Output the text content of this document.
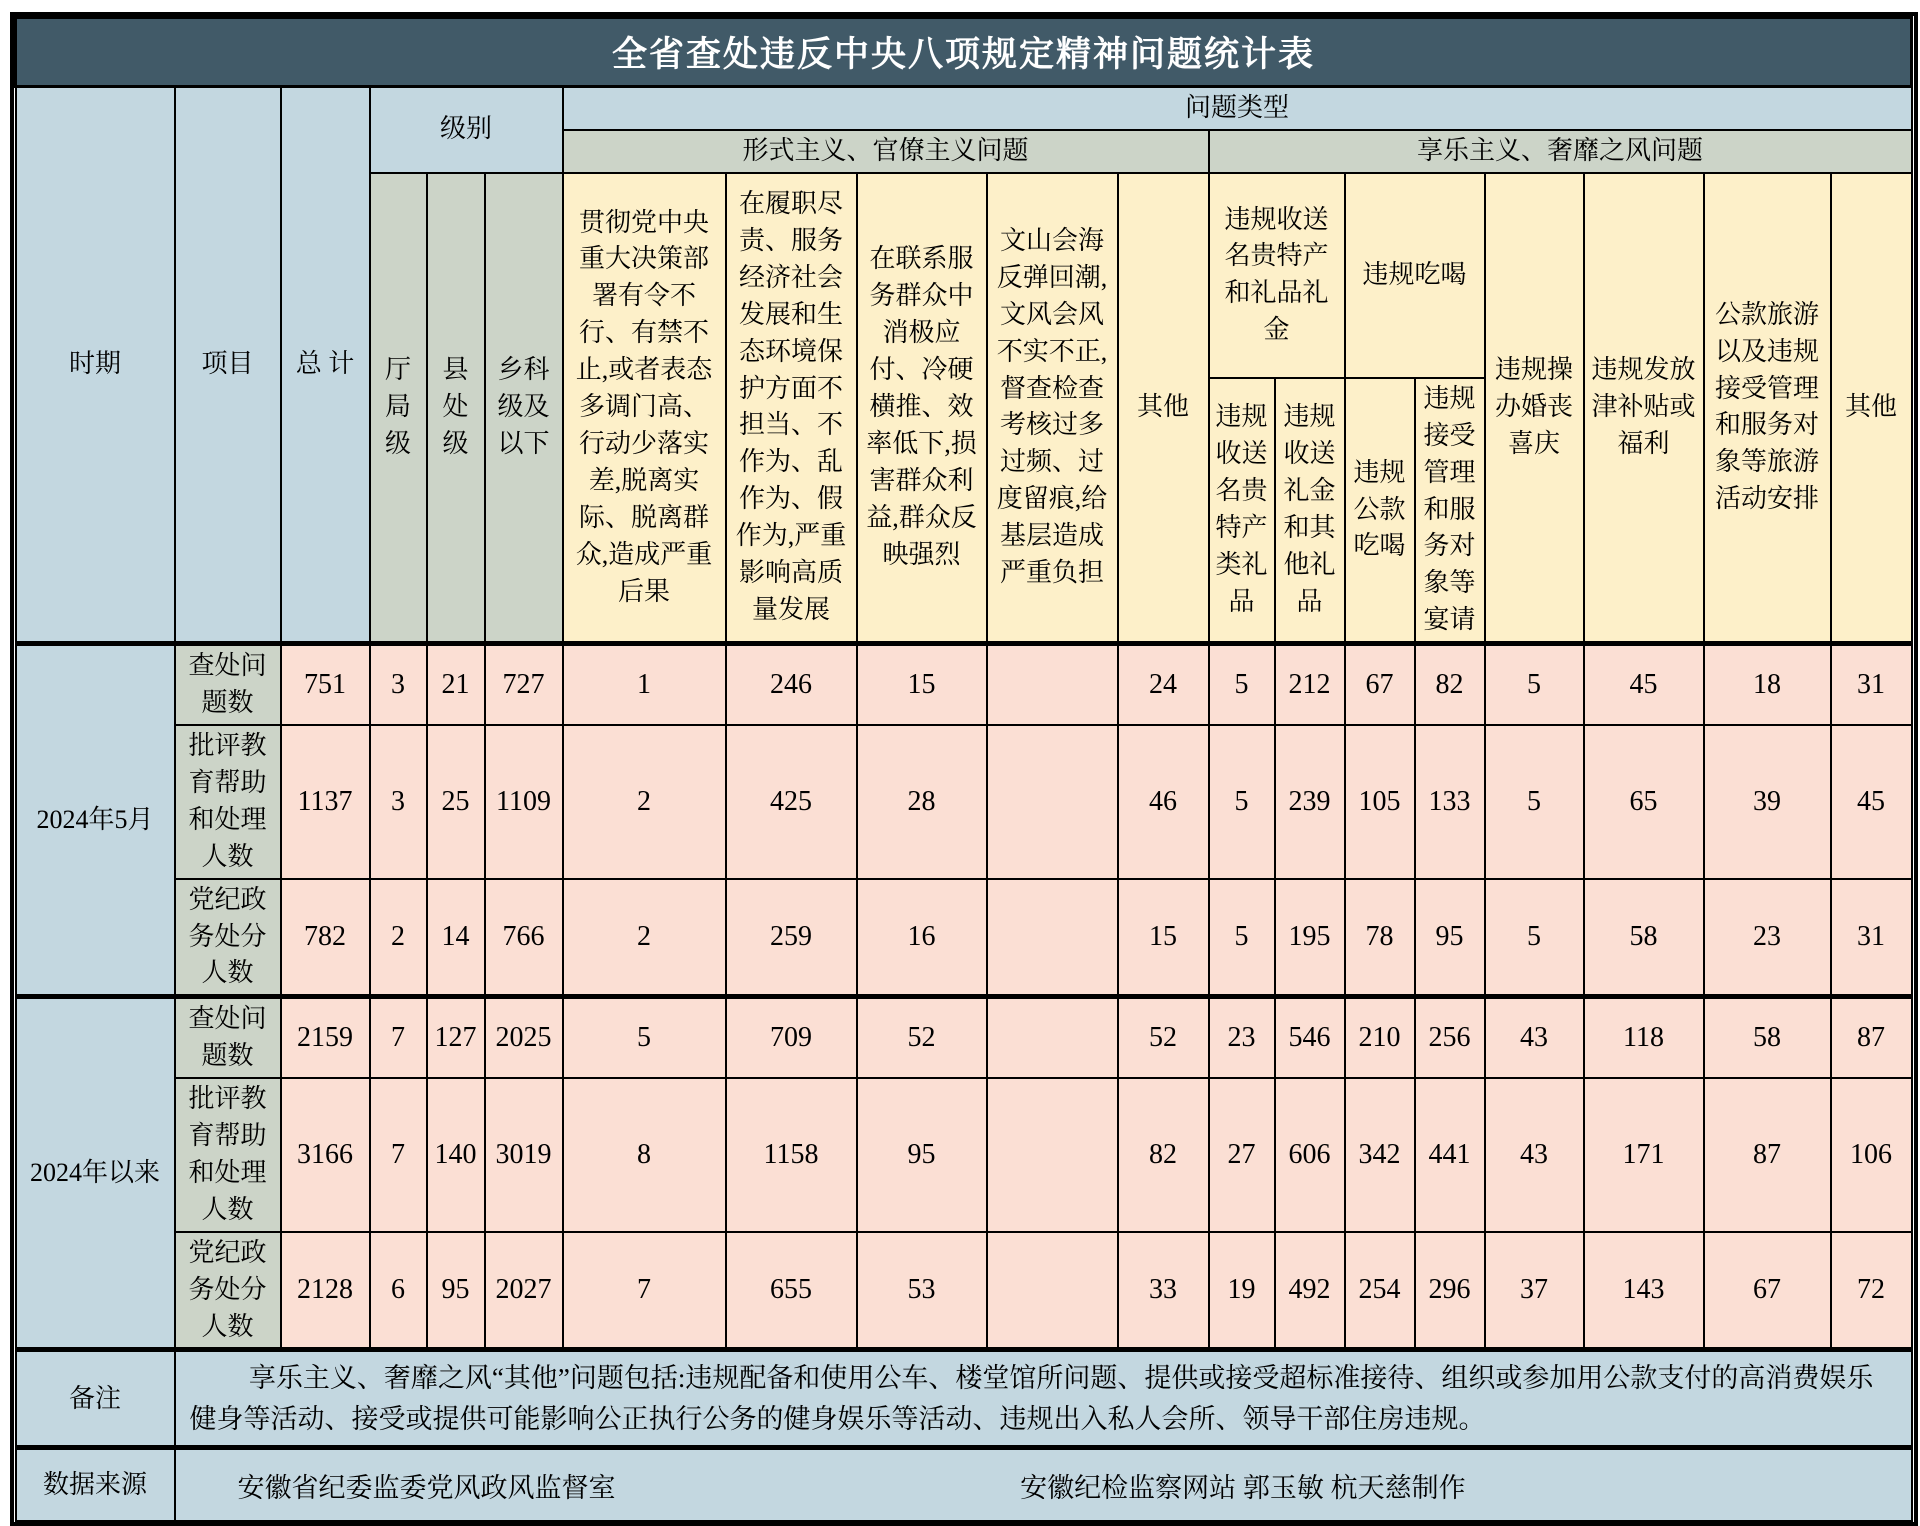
全省查处违反中央八项规定精神问题统计表																		
时期	项目	总 计	级别			问题类型												
						形式主义、官僚主义问题					享乐主义、奢靡之风问题							
			厅局级	县处级	乡科级及以下	贯彻党中央重大决策部署有令不行、有禁不止,或者表态多调门高、行动少落实差,脱离实际、脱离群众,造成严重后果	在履职尽责、服务经济社会发展和生态环境保护方面不担当、不作为、乱作为、假作为,严重影响高质量发展	在联系服务群众中消极应付、冷硬横推、效率低下,损害群众利益,群众反映强烈	文山会海反弹回潮,文风会风不实不正,督查检查考核过多过频、过度留痕,给基层造成严重负担	其他	违规收送名贵特产和礼品礼金		违规吃喝		违规操办婚丧喜庆	违规发放津补贴或福利	公款旅游以及违规接受管理和服务对象等旅游活动安排	其他
											违规收送名贵特产类礼品	违规收送礼金和其他礼品	违规公款吃喝	违规接受管理和服务对象等宴请				
2024年5月	查处问题数	751	3	21	727	1	246	15		24	5	212	67	82	5	45	18	31
	批评教育帮助和处理人数	1137	3	25	1109	2	425	28		46	5	239	105	133	5	65	39	45
	党纪政务处分人数	782	2	14	766	2	259	16		15	5	195	78	95	5	58	23	31
2024年以来	查处问题数	2159	7	127	2025	5	709	52		52	23	546	210	256	43	118	58	87
	批评教育帮助和处理人数	3166	7	140	3019	8	1158	95		82	27	606	342	441	43	171	87	106
	党纪政务处分人数	2128	6	95	2027	7	655	53		33	19	492	254	296	37	143	67	72
备注	享乐主义、奢靡之风“其他”问题包括:违规配备和使用公车、楼堂馆所问题、提供或接受超标准接待、组织或参加用公款支付的高消费娱乐健身等活动、接受或提供可能影响公正执行公务的健身娱乐等活动、违规出入私人会所、领导干部住房违规。																	

数据来源	安徽省纪委监委党风政风监督室 安徽纪检监察网站 郭玉敏 杭天慈制作																	
